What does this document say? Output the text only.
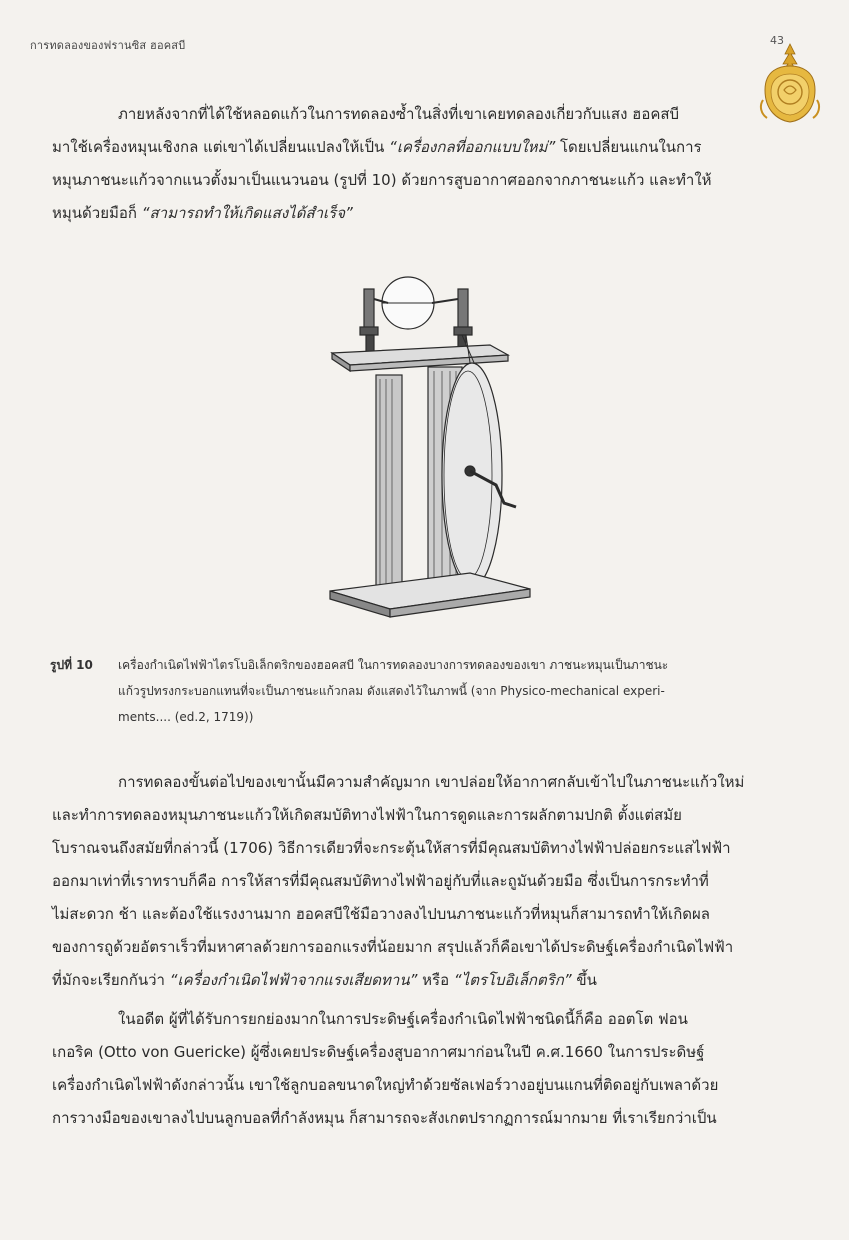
การทดลองของฟรานซิส ฮอคสบี	43
ภายหลังจากที่ได้ใช้หลอดแก้วในการทดลองซ้ำในสิ่งที่เขาเคยทดลองเกี่ยวกับแสง ฮอคสบี
มาใช้เครื่องหมุนเชิงกล แต่เขาได้เปลี่ยนแปลงให้เป็น “เครื่องกลที่ออกแบบใหม่” โดยเปลี่ยนแกนในการ
หมุนภาชนะแก้วจากแนวตั้งมาเป็นแนวนอน (รูปที่ 10) ด้วยการสูบอากาศออกจากภาชนะแก้ว และทำให้
หมุนด้วยมือก็ “สามารถทำให้เกิดแสงได้สำเร็จ”
รูปที่ 10 เครื่องกำเนิดไฟฟ้าไตรโบอิเล็กตริกของฮอคสบี ในการทดลองบางการทดลองของเขา ภาชนะหมุนเป็นภาชนะ
แก้วรูปทรงกระบอกแทนที่จะเป็นภาชนะแก้วกลม ดังแสดงไว้ในภาพนี้ (จาก Physico-mechanical experi-
ments.... (ed.2, 1719))
การทดลองขั้นต่อไปของเขานั้นมีความสำคัญมาก เขาปล่อยให้อากาศกลับเข้าไปในภาชนะแก้วใหม่
และทำการทดลองหมุนภาชนะแก้วให้เกิดสมบัติทางไฟฟ้าในการดูดและการผลักตามปกติ ตั้งแต่สมัย
โบราณจนถึงสมัยที่กล่าวนี้ (1706) วิธีการเดียวที่จะกระตุ้นให้สารที่มีคุณสมบัติทางไฟฟ้าปล่อยกระแสไฟฟ้า
ออกมาเท่าที่เราทราบก็คือ การให้สารที่มีคุณสมบัติทางไฟฟ้าอยู่กับที่และถูมันด้วยมือ ซึ่งเป็นการกระทำที่
ไม่สะดวก ช้า และต้องใช้แรงงานมาก ฮอคสบีใช้มือวางลงไปบนภาชนะแก้วที่หมุนก็สามารถทำให้เกิดผล
ของการถูด้วยอัตราเร็วที่มหาศาลด้วยการออกแรงที่น้อยมาก สรุปแล้วก็คือเขาได้ประดิษฐ์เครื่องกำเนิดไฟฟ้า
ที่มักจะเรียกกันว่า “เครื่องกำเนิดไฟฟ้าจากแรงเสียดทาน” หรือ “ไตรโบอิเล็กตริก” ขึ้น
ในอดีต ผู้ที่ได้รับการยกย่องมากในการประดิษฐ์เครื่องกำเนิดไฟฟ้าชนิดนี้ก็คือ ออตโต ฟอน
เกอริค (Otto von Guericke) ผู้ซึ่งเคยประดิษฐ์เครื่องสูบอากาศมาก่อนในปี ค.ศ.1660 ในการประดิษฐ์
เครื่องกำเนิดไฟฟ้าดังกล่าวนั้น เขาใช้ลูกบอลขนาดใหญ่ทำด้วยซัลเฟอร์วางอยู่บนแกนที่ติดอยู่กับเพลาด้วย
การวางมือของเขาลงไปบนลูกบอลที่กำลังหมุน ก็สามารถจะสังเกตปรากฏการณ์มากมาย ที่เราเรียกว่าเป็น
